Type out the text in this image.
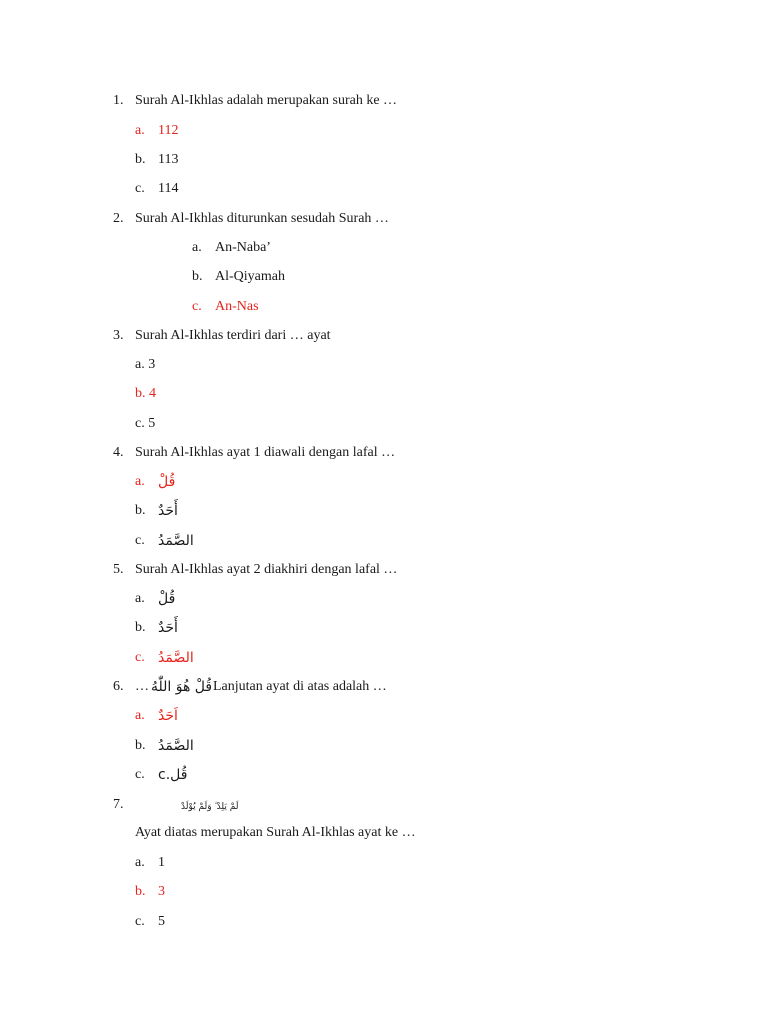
1. Surah Al-Ikhlas adalah merupakan surah ke …
a. 112
b. 113
c. 114
2. Surah Al-Ikhlas diturunkan sesudah Surah …
a. An-Naba’
b. Al-Qiyamah
c. An-Nas
3. Surah Al-Ikhlas terdiri dari … ayat
a. 3
b. 4
c. 5
4. Surah Al-Ikhlas ayat 1 diawali dengan lafal …
a. قُلْ
b. أَحَدٌ
c. الصَّمَدُ
5. Surah Al-Ikhlas ayat 2 diakhiri dengan lafal …
a. قُلْ
b. أَحَدٌ
c. الصَّمَدُ
6. … قُلْ هُوَ اللّٰهُ Lanjutan ayat di atas adalah …
a. اَحَدٌ
b. الصَّمَدُ
c. c.قُل
7.	لَمْ يَلِدْ ۙ وَلَمْ يُوْلَدْ
Ayat diatas merupakan Surah Al-Ikhlas ayat ke …
a. 1
b. 3
c. 5
